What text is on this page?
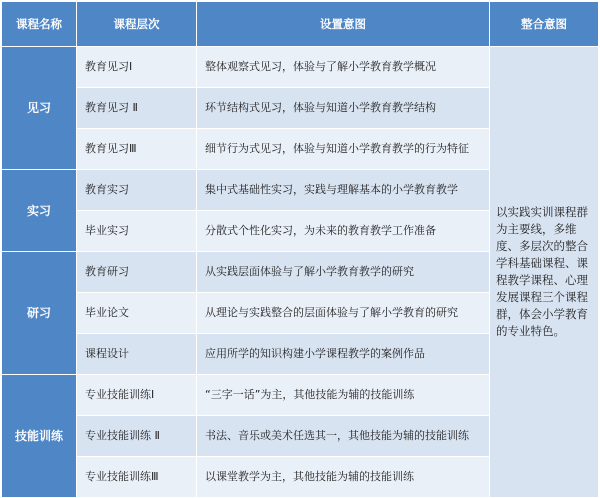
课程名称	课程层次	设置意图	整合意图
见习	教育见习Ⅰ	整体观察式见习，体验与了解小学教育教学概况	以实践实训课程群为主要线，多维度、多层次的整合学科基础课程、课程教学课程、心理发展课程三个课程群，体会小学教育的专业特色。
	教育见习 Ⅱ	环节结构式见习，体验与知道小学教育教学结构	
	教育见习Ⅲ	细节行为式见习，体验与知道小学教育教学的行为特征	
实习	教育实习	集中式基础性实习，实践与理解基本的小学教育教学	
	毕业实习	分散式个性化实习，为未来的教育教学工作准备	
研习	教育研习	从实践层面体验与了解小学教育教学的研究	
	毕业论文	从理论与实践整合的层面体验与了解小学教育的研究	
	课程设计	应用所学的知识构建小学课程教学的案例作品	
技能训练	专业技能训练Ⅰ	“三字一话”为主，其他技能为辅的技能训练	
	专业技能训练 Ⅱ	书法、音乐或美术任选其一，其他技能为辅的技能训练	
	专业技能训练Ⅲ	以课堂教学为主，其他技能为辅的技能训练	
